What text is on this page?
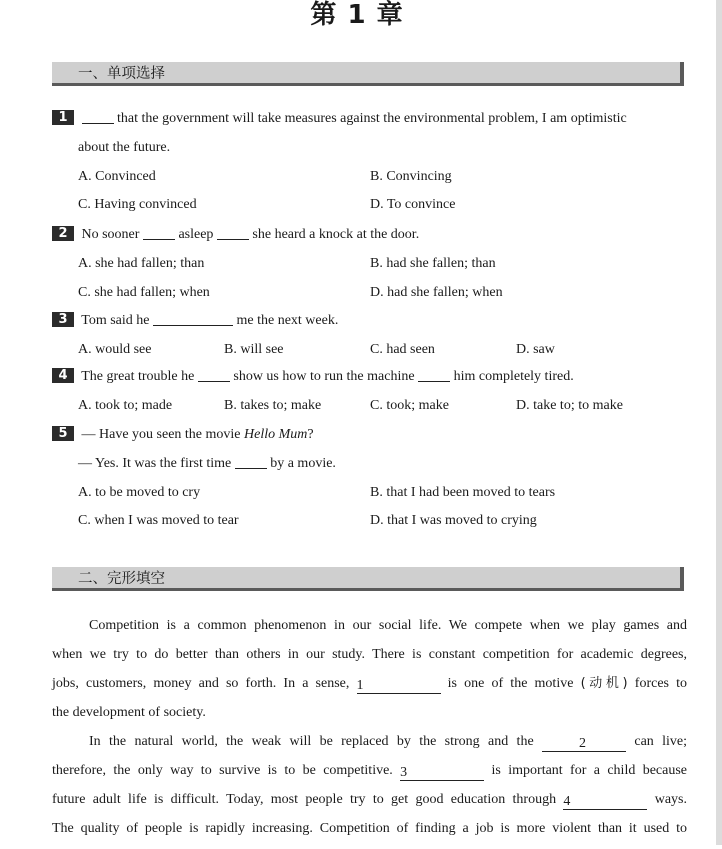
第 1 章
一、单项选择
1	that the government will take measures against the environmental problem, I am optimistic
about the future.
A. Convinced	B. Convincing
C. Having convinced	D. To convince
2 No sooner	asleep	she heard a knock at the door.
A. she had fallen; than	B. had she fallen; than
C. she had fallen; when	D. had she fallen; when
3 Tom said he	me the next week.
A. would see	B. will see	C. had seen	D. saw
4 The great trouble he	show us how to run the machine	him completely tired.
A. took to; made	B. takes to; make	C. took; make	D. take to; to make
5 — Have you seen the movie Hello Mum?
— Yes. It was the first time	by a movie.
A. to be moved to cry	B. that I had been moved to tears
C. when I was moved to tear	D. that I was moved to crying
二、完形填空
Competition is a common phenomenon in our social life. We compete when we play games and
when we try to do better than others in our study. There is constant competition for academic degrees,
jobs, customers, money and so forth. In a sense, 1	is one of the motive (动机) forces to
the development of society.
In the natural world, the weak will be replaced by the strong and the	2	can live;
therefore, the only way to survive is to be competitive. 3	is important for a child because
future adult life is difficult. Today, most people try to get good education through 4	ways.
The quality of people is rapidly increasing. Competition of finding a job is more violent than it used to
